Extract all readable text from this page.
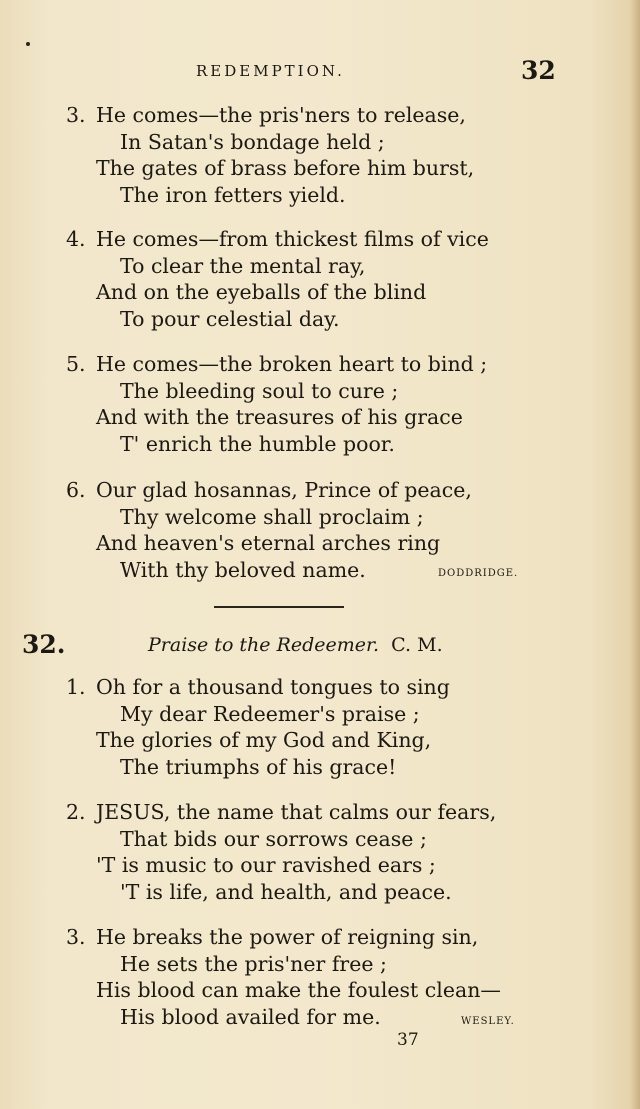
REDEMPTION.	32
3. He comes—the pris'ners to release,
In Satan's bondage held ;
The gates of brass before him burst,
The iron fetters yield.
4. He comes—from thickest films of vice
To clear the mental ray,
And on the eyeballs of the blind
To pour celestial day.
5. He comes—the broken heart to bind ;
The bleeding soul to cure ;
And with the treasures of his grace
T' enrich the humble poor.
6. Our glad hosannas, Prince of peace,
Thy welcome shall proclaim ;
And heaven's eternal arches ring
With thy beloved name.	DODDRIDGE.
32.	Praise to the Redeemer. C. M.
1. Oh for a thousand tongues to sing
My dear Redeemer's praise ;
The glories of my God and King,
The triumphs of his grace!
2. JESUS, the name that calms our fears,
That bids our sorrows cease ;
'T is music to our ravished ears ;
'T is life, and health, and peace.
3. He breaks the power of reigning sin,
He sets the pris'ner free ;
His blood can make the foulest clean—
His blood availed for me.	WESLEY.
37
